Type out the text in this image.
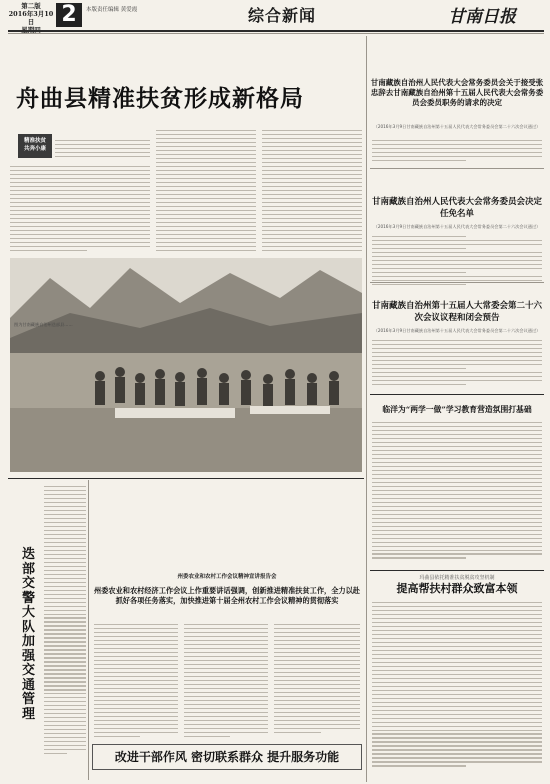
第二版
2016年3月10日	2	本版责任编辑 黄爱霞	综合新闻	甘南日报
舟曲县精准扶贫形成新格局
精准扶贫
共奔小康
图为甘南藏族自治州迭部县……
甘南藏族自治州人民代表大会常务委员会关于接受张忠辞去甘南藏族自治州第十五届人民代表大会常务委员会委员职务的请求的决定
（2016年3月9日甘南藏族自治州第十五届人民代表大会常务委员会第二十六次会议通过）
甘南藏族自治州人民代表大会常务委员会决定任免名单
（2016年3月9日甘南藏族自治州第十五届人民代表大会常务委员会第二十六次会议通过）
甘南藏族自治州第十五届人大常委会第二十六次会议议程和闭会预告
（2016年3月9日甘南藏族自治州第十五届人民代表大会常务委员会第二十六次会议通过）
临洋为“两学一做”学习教育营造氛围打基础
玛曲县依托精准扶贫脱贫攻坚机制
提高帮扶村群众致富本领
迭部交警大队加强交通管理
州委农业和农村工作会议精神宣讲报告会
州委农业和农村经济工作会议上作重要讲话强调，创新推进精准扶贫工作，全力以赴抓好各项任务落实，加快推进第十届全州农村工作会议精神的贯彻落实
改进干部作风 密切联系群众 提升服务功能
